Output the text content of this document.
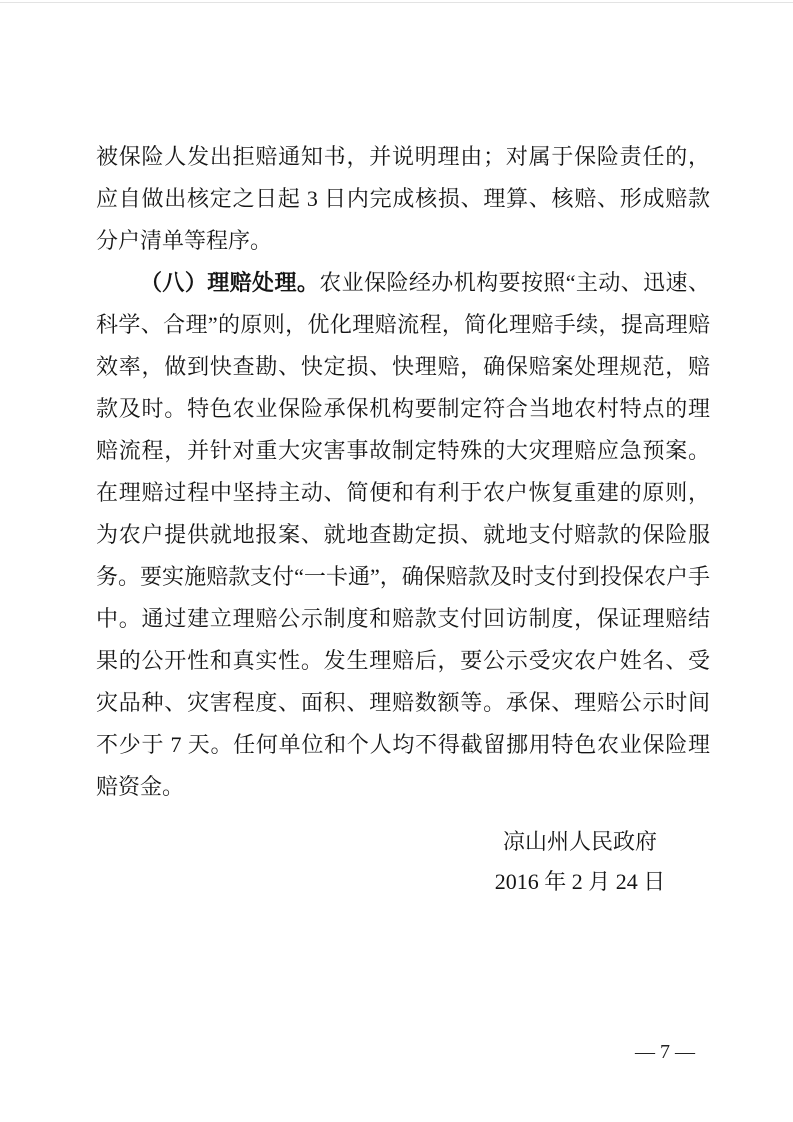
被保险人发出拒赔通知书，并说明理由；对属于保险责任的，应自做出核定之日起 3 日内完成核损、理算、核赔、形成赔款分户清单等程序。

（八）理赔处理。农业保险经办机构要按照“主动、迅速、科学、合理”的原则，优化理赔流程，简化理赔手续，提高理赔效率，做到快查勘、快定损、快理赔，确保赔案处理规范，赔款及时。特色农业保险承保机构要制定符合当地农村特点的理赔流程，并针对重大灾害事故制定特殊的大灾理赔应急预案。在理赔过程中坚持主动、简便和有利于农户恢复重建的原则，为农户提供就地报案、就地查勘定损、就地支付赔款的保险服务。要实施赔款支付“一卡通”，确保赔款及时支付到投保农户手中。通过建立理赔公示制度和赔款支付回访制度，保证理赔结果的公开性和真实性。发生理赔后，要公示受灾农户姓名、受灾品种、灾害程度、面积、理赔数额等。承保、理赔公示时间不少于 7 天。任何单位和个人均不得截留挪用特色农业保险理赔资金。

凉山州人民政府
2016 年 2 月 24 日
— 7 —
